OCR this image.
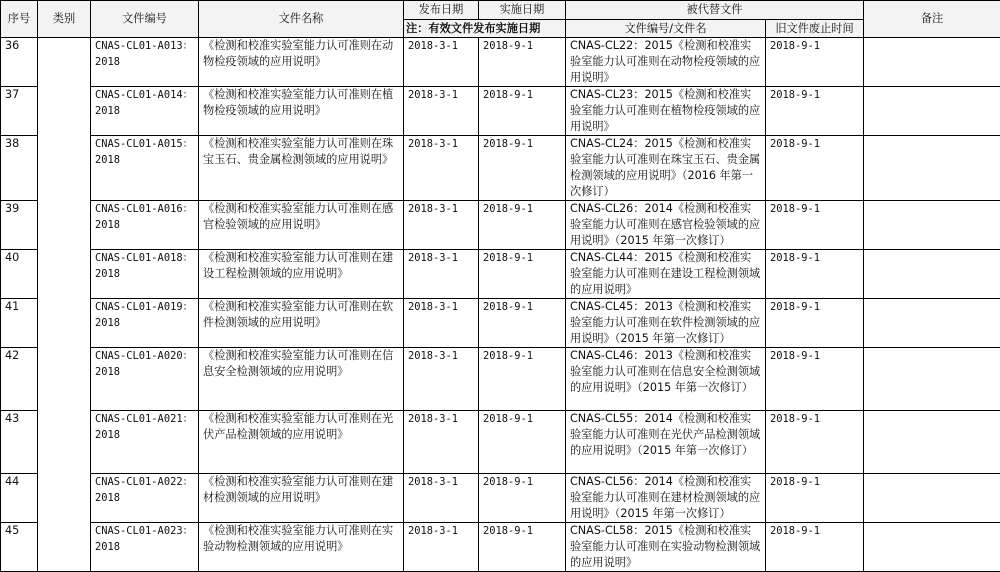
序号	类别	文件编号	文件名称	发布日期	实施日期	被代替文件		备注
				注：有效文件发布实施日期		文件编号/文件名	旧文件废止时间	
36		CNAS-CL01-A013：2018	《检测和校准实验室能力认可准则在动物检疫领域的应用说明》	2018-3-1	2018-9-1	CNAS-CL22：2015《检测和校准实验室能力认可准则在动物检疫领域的应用说明》	2018-9-1	
37		CNAS-CL01-A014：2018	《检测和校准实验室能力认可准则在植物检疫领域的应用说明》	2018-3-1	2018-9-1	CNAS-CL23：2015《检测和校准实验室能力认可准则在植物检疫领域的应用说明》	2018-9-1	
38		CNAS-CL01-A015：2018	《检测和校准实验室能力认可准则在珠宝玉石、贵金属检测领域的应用说明》	2018-3-1	2018-9-1	CNAS-CL24：2015《检测和校准实验室能力认可准则在珠宝玉石、贵金属检测领域的应用说明》（2016 年第一次修订）	2018-9-1	
39		CNAS-CL01-A016：2018	《检测和校准实验室能力认可准则在感官检验领域的应用说明》	2018-3-1	2018-9-1	CNAS-CL26：2014《检测和校准实验室能力认可准则在感官检验领域的应用说明》（2015 年第一次修订）	2018-9-1	
40		CNAS-CL01-A018：2018	《检测和校准实验室能力认可准则在建设工程检测领域的应用说明》	2018-3-1	2018-9-1	CNAS-CL44：2015《检测和校准实验室能力认可准则在建设工程检测领域的应用说明》	2018-9-1	
41		CNAS-CL01-A019：2018	《检测和校准实验室能力认可准则在软件检测领域的应用说明》	2018-3-1	2018-9-1	CNAS-CL45：2013《检测和校准实验室能力认可准则在软件检测领域的应用说明》（2015 年第一次修订）	2018-9-1	
42		CNAS-CL01-A020：2018	《检测和校准实验室能力认可准则在信息安全检测领域的应用说明》	2018-3-1	2018-9-1	CNAS-CL46：2013《检测和校准实验室能力认可准则在信息安全检测领域的应用说明》（2015 年第一次修订）	2018-9-1	
43		CNAS-CL01-A021：2018	《检测和校准实验室能力认可准则在光伏产品检测领域的应用说明》	2018-3-1	2018-9-1	CNAS-CL55：2014《检测和校准实验室能力认可准则在光伏产品检测领域的应用说明》（2015 年第一次修订）	2018-9-1	
44		CNAS-CL01-A022：2018	《检测和校准实验室能力认可准则在建材检测领域的应用说明》	2018-3-1	2018-9-1	CNAS-CL56：2014《检测和校准实验室能力认可准则在建材检测领域的应用说明》（2015 年第一次修订）	2018-9-1	
45		CNAS-CL01-A023：2018	《检测和校准实验室能力认可准则在实验动物检测领域的应用说明》	2018-3-1	2018-9-1	CNAS-CL58：2015《检测和校准实验室能力认可准则在实验动物检测领域的应用说明》	2018-9-1	
